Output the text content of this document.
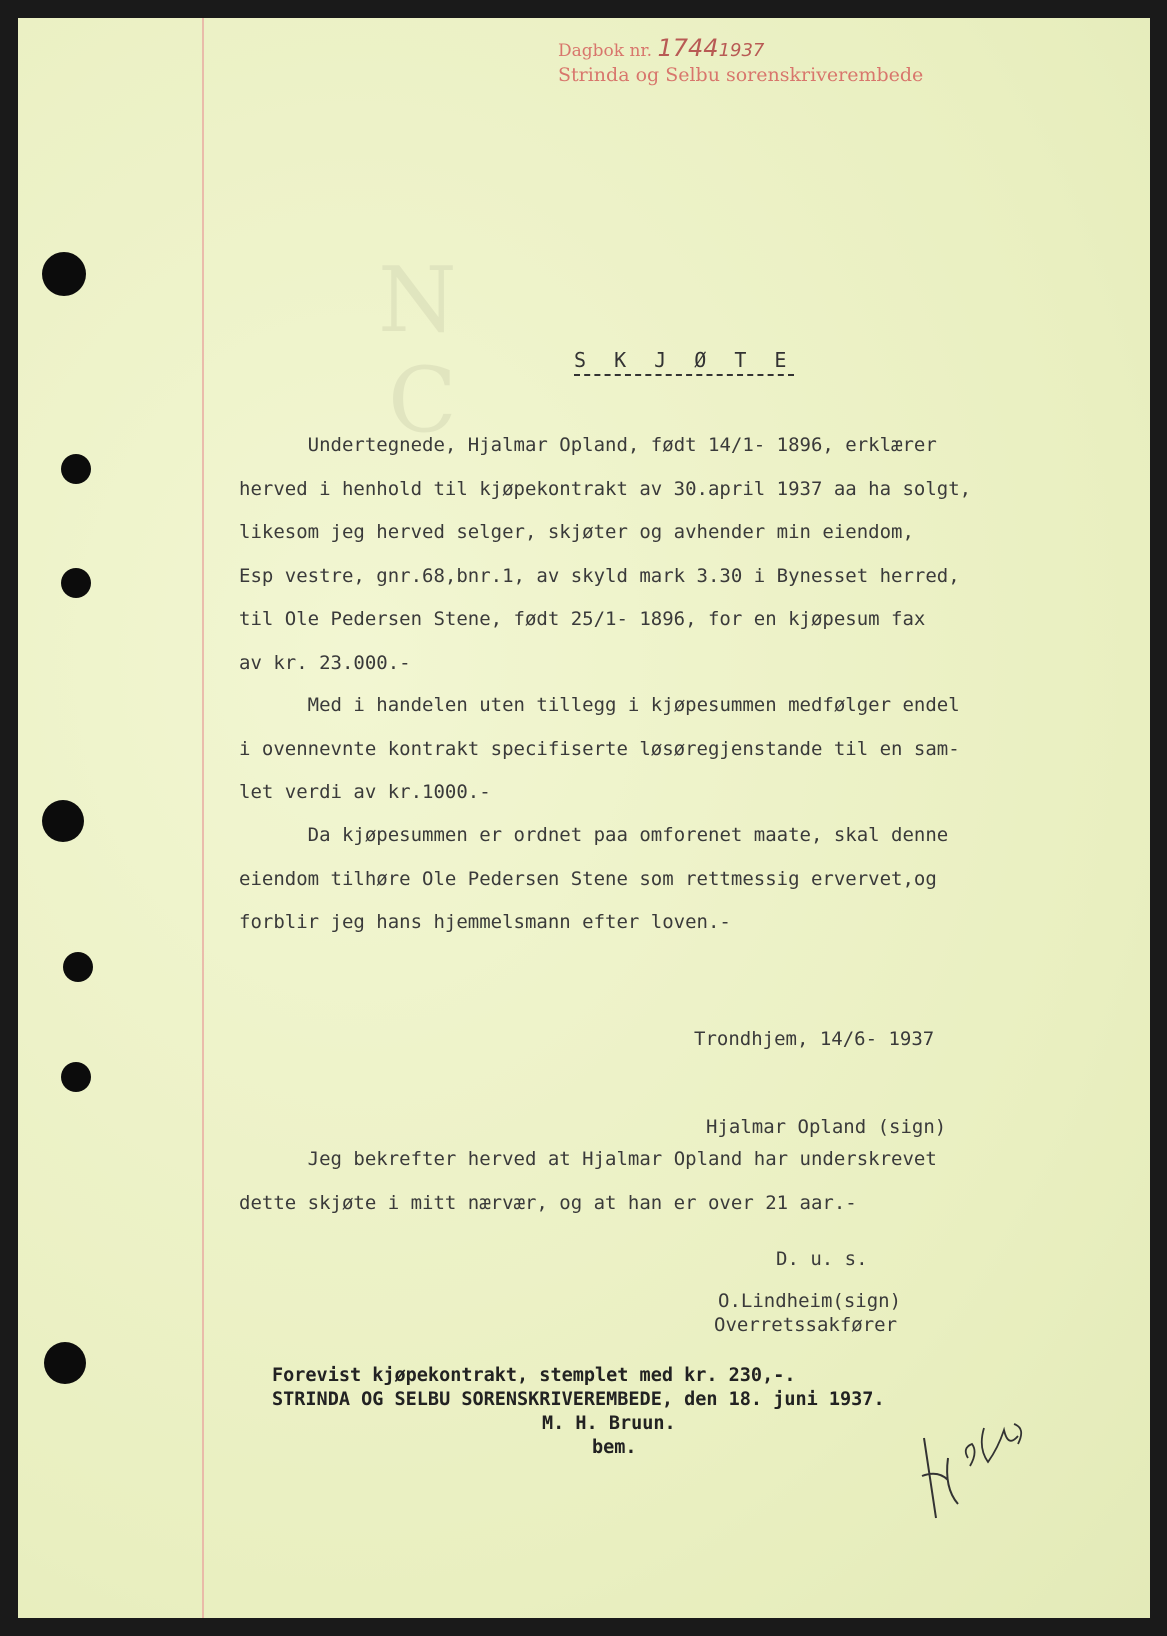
N
C
Dagbok nr. 17441937
Strinda og Selbu sorenskriverembede
S K J Ø T E
Undertegnede, Hjalmar Opland, født 14/1- 1896, erklærer
herved i henhold til kjøpekontrakt av 30.april 1937 aa ha solgt,
likesom jeg herved selger, skjøter og avhender min eiendom,
Esp vestre, gnr.68,bnr.1, av skyld mark 3.30 i Bynesset herred,
til Ole Pedersen Stene, født 25/1- 1896, for en kjøpesum fax
av kr. 23.000.-
Med i handelen uten tillegg i kjøpesummen medfølger endel
i ovennevnte kontrakt specifiserte løsøregjenstande til en sam-
let verdi av kr.1000.-
Da kjøpesummen er ordnet paa omforenet maate, skal denne
eiendom tilhøre Ole Pedersen Stene som rettmessig ervervet,og
forblir jeg hans hjemmelsmann efter loven.-
Trondhjem, 14/6- 1937
Hjalmar Opland (sign)
Jeg bekrefter herved at Hjalmar Opland har underskrevet
dette skjøte i mitt nærvær, og at han er over 21 aar.-
D. u. s.
O.Lindheim(sign)
Overretssakfører
Forevist kjøpekontrakt, stemplet med kr. 230,-.
STRINDA OG SELBU SORENSKRIVEREMBEDE, den 18. juni 1937.
M. H. Bruun.
bem.
